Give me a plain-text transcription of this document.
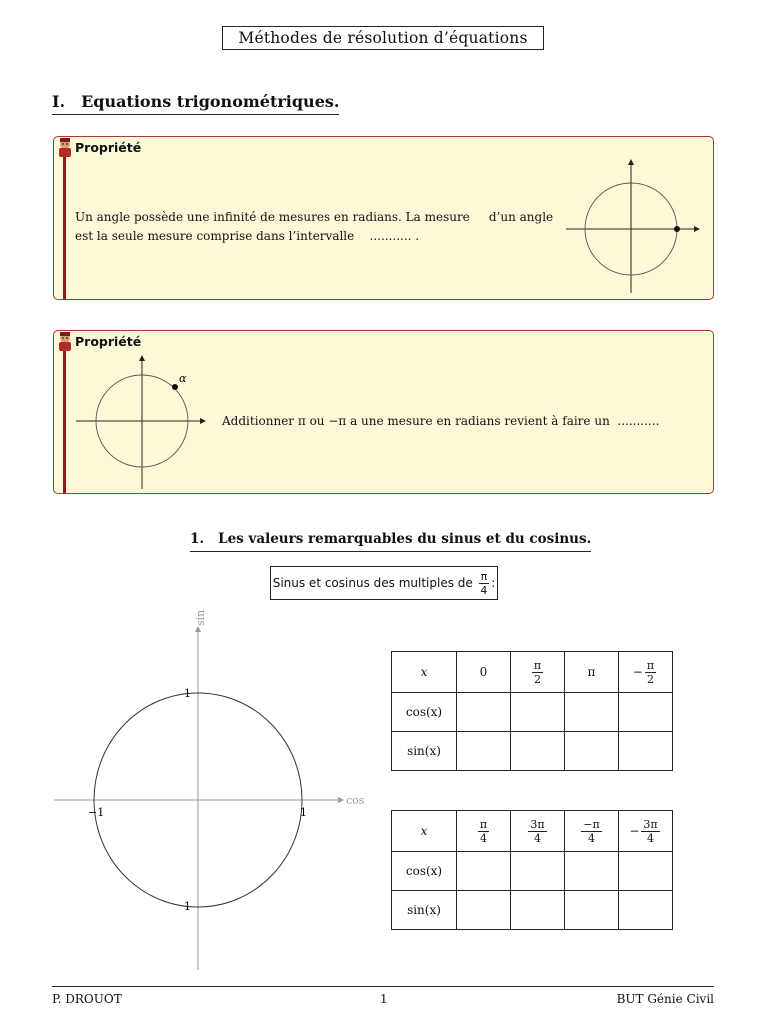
Méthodes de résolution d’équations
I. Equations trigonométriques.
Propriété
Un angle possède une infinité de mesures en radians. La mesure     d’un angle
est la seule mesure comprise dans l’intervalle    ........... .
Propriété
α
Additionner π ou −π a une mesure en radians revient à faire un  ...........
1. Les valeurs remarquables du sinus et du cosinus.
Sinus et cosinus des multiples de
$\frac{\pi}{4}$ :
cos
sin
1
1
1
−1
x	0	$\frac{\pi}{2}$	π	− $\frac{\pi}{2}$

cos(x)				
sin(x)				
x	$\frac{\pi}{4}$	$\frac{3\pi}{4}$	$\frac{-\pi}{4}$	− $\frac{3\pi}{4}$

cos(x)				
sin(x)				
P. DROUOT	1	BUT Génie Civil
